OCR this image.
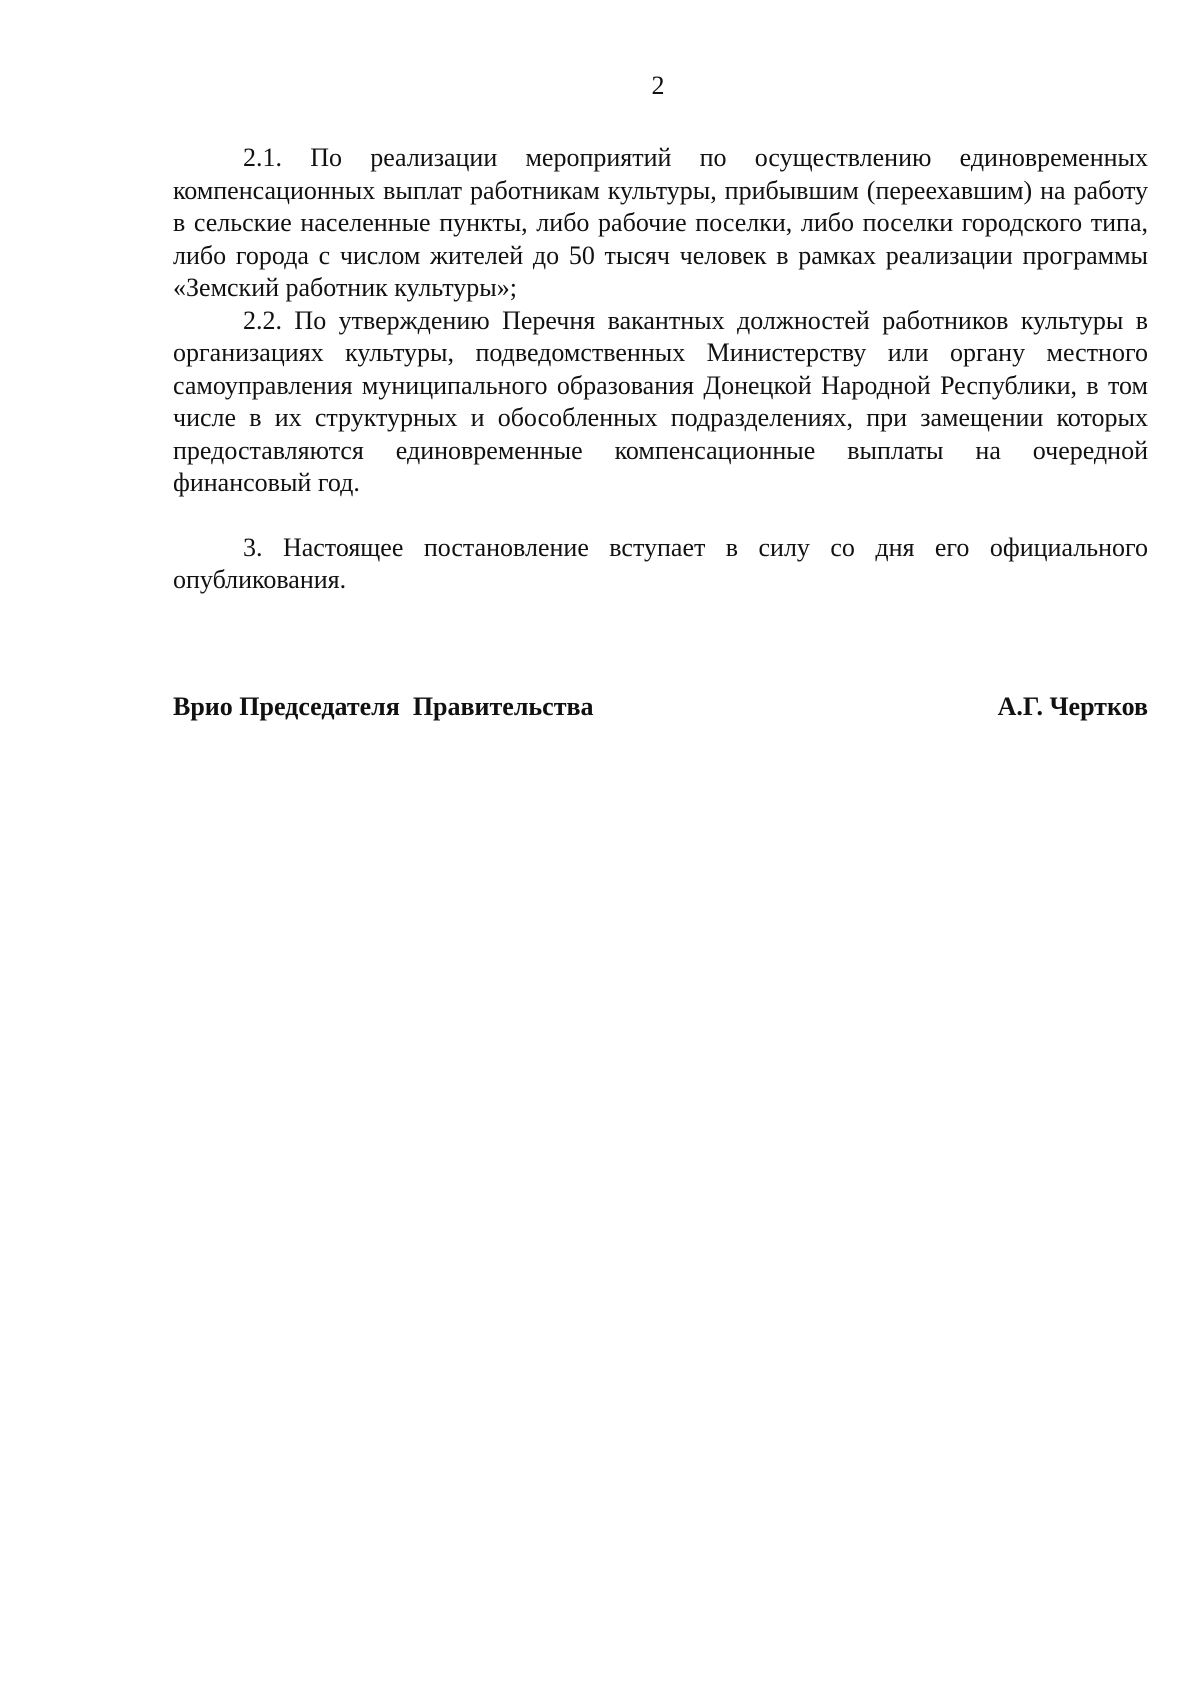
2

2.1. По реализации мероприятий по осуществлению единовременных компенсационных выплат работникам культуры, прибывшим (переехавшим) на работу в сельские населенные пункты, либо рабочие поселки, либо поселки городского типа, либо города с числом жителей до 50 тысяч человек в рамках реализации программы «Земский работник культуры»;

2.2. По утверждению Перечня вакантных должностей работников культуры в организациях культуры, подведомственных Министерству или органу местного самоуправления муниципального образования Донецкой Народной Республики, в том числе в их структурных и обособленных подразделениях, при замещении которых предоставляются единовременные компенсационные выплаты на очередной финансовый год.

3. Настоящее постановление вступает в силу со дня его официального опубликования.

Врио Председателя  Правительства	А.Г. Чертков
